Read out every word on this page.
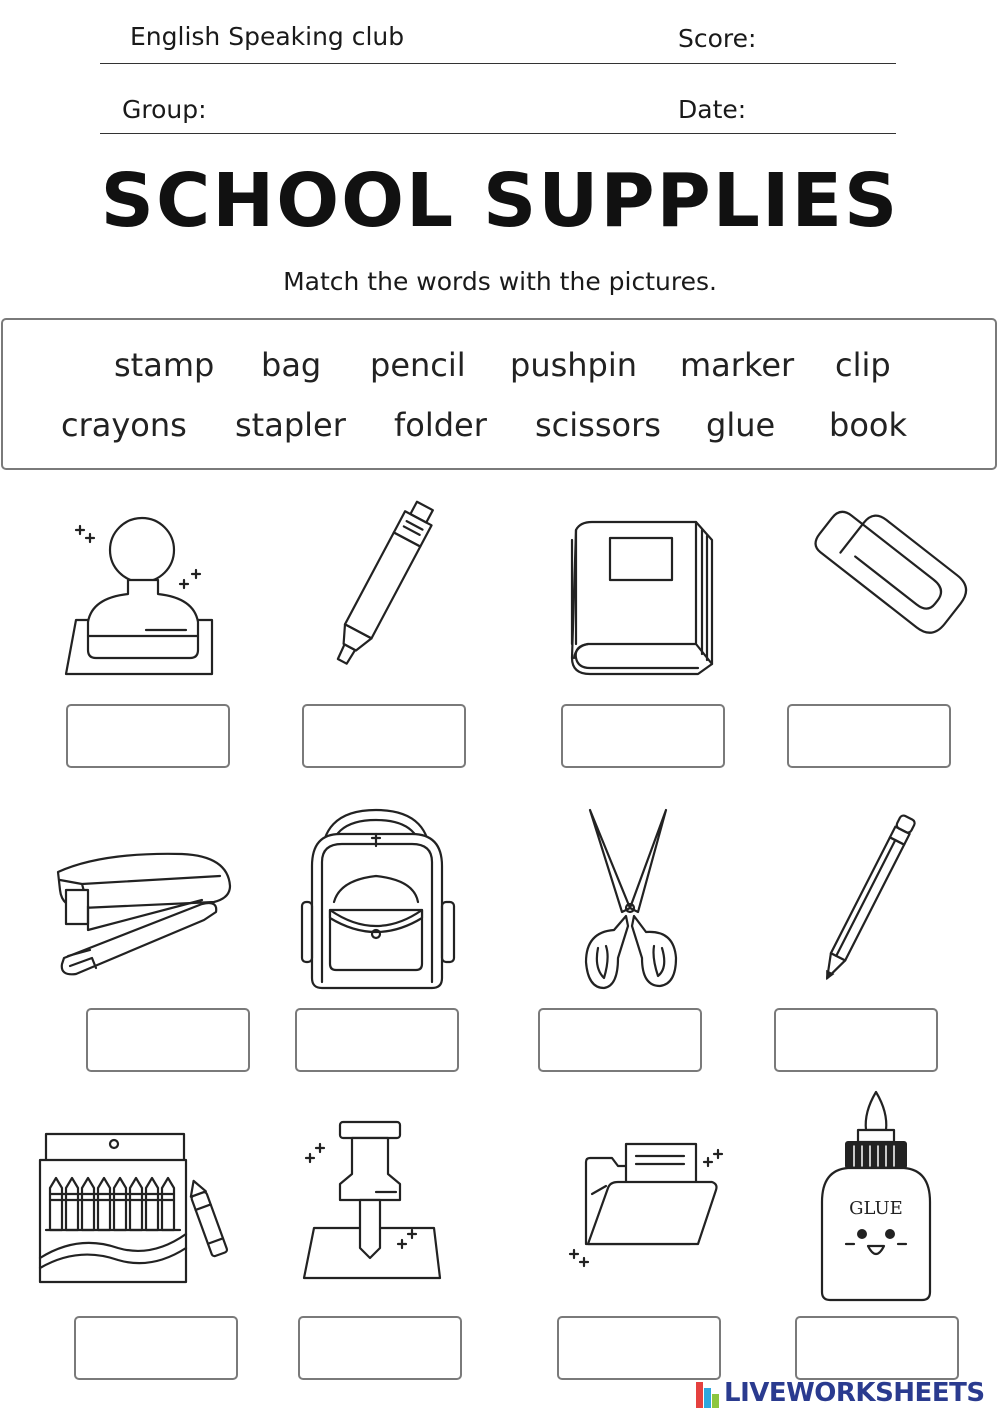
English Speaking club	Score:
Group:	Date:
SCHOOL SUPPLIES
Match the words with the pictures.
stamp bag pencil pushpin marker clip
crayons stapler folder scissors glue book
GLUE
LIVEWORKSHEETS
